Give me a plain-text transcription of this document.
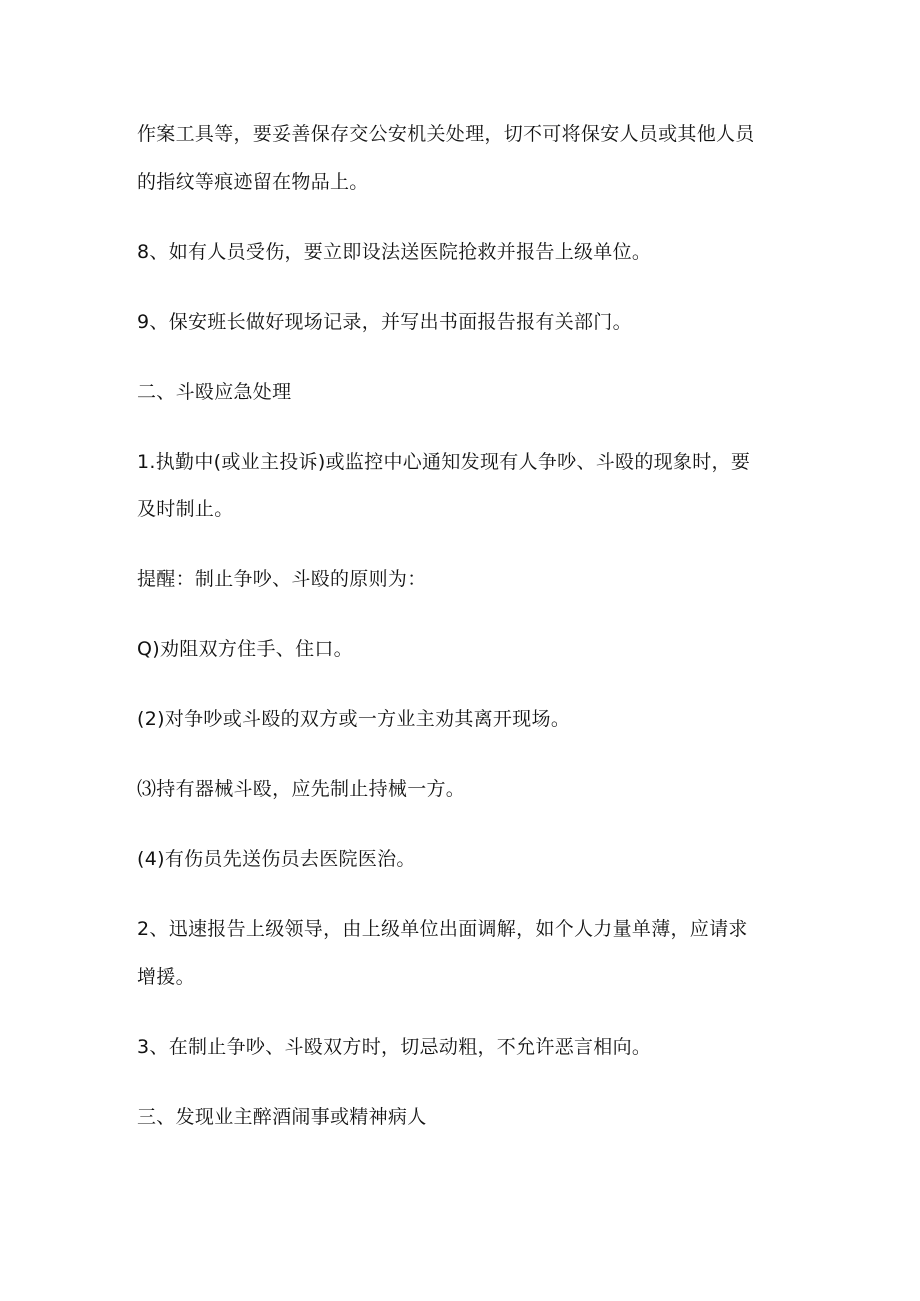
作案工具等，要妥善保存交公安机关处理，切不可将保安人员或其他人员
的指纹等痕迹留在物品上。
8、如有人员受伤，要立即设法送医院抢救并报告上级单位。
9、保安班长做好现场记录，并写出书面报告报有关部门。
二、斗殴应急处理
1.执勤中(或业主投诉)或监控中心通知发现有人争吵、斗殴的现象时，要
及时制止。
提醒：制止争吵、斗殴的原则为：
Q)劝阻双方住手、住口。
(2)对争吵或斗殴的双方或一方业主劝其离开现场。
⑶持有器械斗殴，应先制止持械一方。
(4)有伤员先送伤员去医院医治。
2、迅速报告上级领导，由上级单位出面调解，如个人力量单薄，应请求
增援。
3、在制止争吵、斗殴双方时，切忌动粗，不允许恶言相向。
三、发现业主醉酒闹事或精神病人
